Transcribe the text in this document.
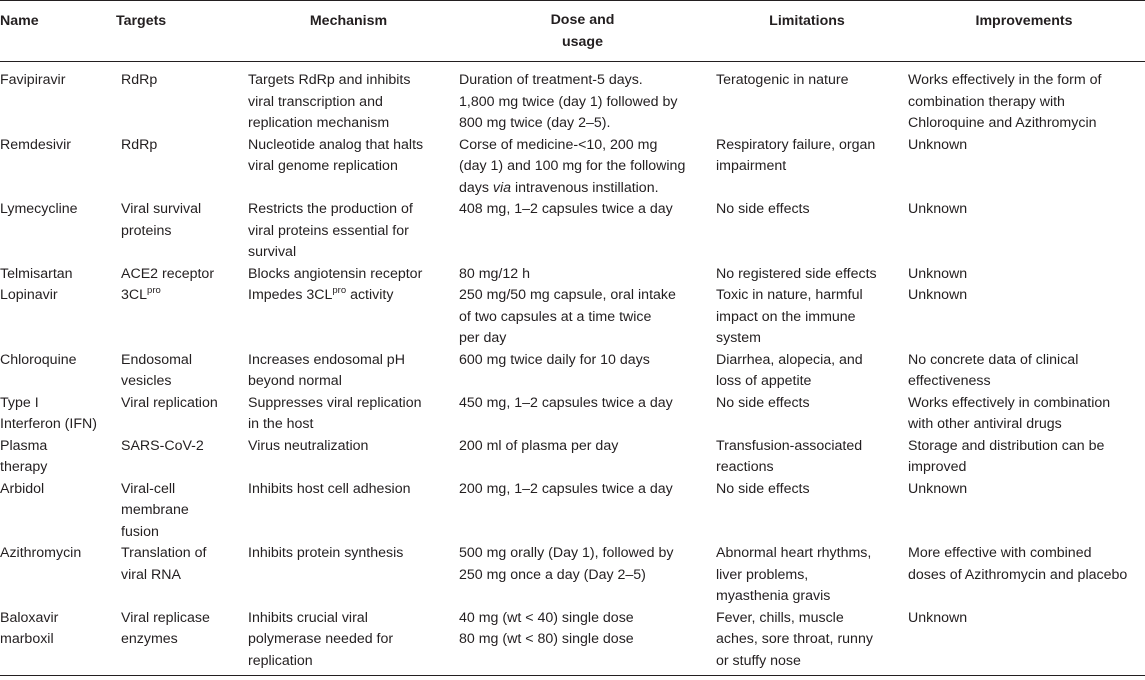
Name	Targets	Mechanism	Dose and
usage	Limitations	Improvements

Favipiravir	RdRp	Targets RdRp and inhibits
viral transcription and
replication mechanism	Duration of treatment-5 days.
1,800 mg twice (day 1) followed by
800 mg twice (day 2–5).	Teratogenic in nature	Works effectively in the form of
combination therapy with
Chloroquine and Azithromycin

Remdesivir	RdRp	Nucleotide analog that halts
viral genome replication	Corse of medicine-<10, 200 mg
(day 1) and 100 mg for the following
days via intravenous instillation.	Respiratory failure, organ
impairment	Unknown

Lymecycline	Viral survival
proteins	Restricts the production of
viral proteins essential for
survival	408 mg, 1–2 capsules twice a day	No side effects	Unknown

Telmisartan	ACE2 receptor	Blocks angiotensin receptor	80 mg/12 h	No registered side effects	Unknown

Lopinavir	$3CL^{pro}$	Impedes $3CL^{pro}$ activity	250 mg/50 mg capsule, oral intake
of two capsules at a time twice
per day	Toxic in nature, harmful
impact on the immune
system	Unknown

Chloroquine	Endosomal
vesicles	Increases endosomal pH
beyond normal	600 mg twice daily for 10 days	Diarrhea, alopecia, and
loss of appetite	No concrete data of clinical
effectiveness

Type I
Interferon (IFN)	Viral replication	Suppresses viral replication
in the host	450 mg, 1–2 capsules twice a day	No side effects	Works effectively in combination
with other antiviral drugs

Plasma
therapy	SARS-CoV-2	Virus neutralization	200 ml of plasma per day	Transfusion-associated
reactions	Storage and distribution can be
improved

Arbidol	Viral-cell
membrane
fusion	Inhibits host cell adhesion	200 mg, 1–2 capsules twice a day	No side effects	Unknown

Azithromycin	Translation of
viral RNA	Inhibits protein synthesis	500 mg orally (Day 1), followed by
250 mg once a day (Day 2–5)	Abnormal heart rhythms,
liver problems,
myasthenia gravis	More effective with combined
doses of Azithromycin and placebo

Baloxavir
marboxil	Viral replicase
enzymes	Inhibits crucial viral
polymerase needed for
replication	40 mg (wt < 40) single dose
80 mg (wt < 80) single dose	Fever, chills, muscle
aches, sore throat, runny
or stuffy nose	Unknown
